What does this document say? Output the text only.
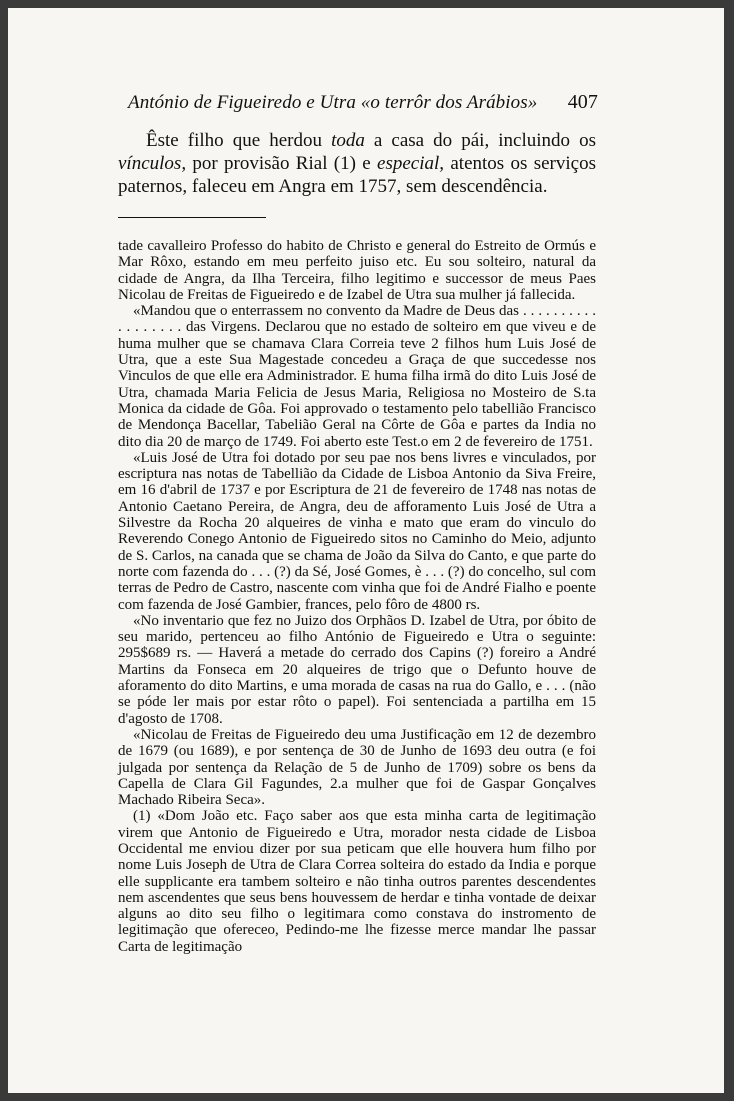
António de Figueiredo e Utra «o terrôr dos Arábios» 407

Êste filho que herdou toda a casa do pái, incluindo os vínculos, por provisão Rial (1) e especial, atentos os serviços paternos, faleceu em Angra em 1757, sem descendência.

tade cavalleiro Professo do habito de Christo e general do Estreito de Ormús e Mar Rôxo, estando em meu perfeito juiso etc. Eu sou solteiro, natural da cidade de Angra, da Ilha Terceira, filho legitimo e successor de meus Paes Nicolau de Freitas de Figueiredo e de Izabel de Utra sua mulher já fallecida.

«Mandou que o enterrassem no convento da Madre de Deus das . . . . . . . . . . . . . . . . . . das Virgens. Declarou que no estado de solteiro em que viveu e de huma mulher que se chamava Clara Correia teve 2 filhos hum Luis José de Utra, que a este Sua Magestade concedeu a Graça de que succedesse nos Vinculos de que elle era Administrador. E huma filha irmã do dito Luis José de Utra, chamada Maria Felicia de Jesus Maria, Religiosa no Mosteiro de S.ta Monica da cidade de Gôa. Foi approvado o testamento pelo tabellião Francisco de Mendonça Bacellar, Tabelião Geral na Côrte de Gôa e partes da India no dito dia 20 de março de 1749. Foi aberto este Test.o em 2 de fevereiro de 1751.

«Luis José de Utra foi dotado por seu pae nos bens livres e vinculados, por escriptura nas notas de Tabellião da Cidade de Lisboa Antonio da Siva Freire, em 16 d'abril de 1737 e por Escriptura de 21 de fevereiro de 1748 nas notas de Antonio Caetano Pereira, de Angra, deu de afforamento Luis José de Utra a Silvestre da Rocha 20 alqueires de vinha e mato que eram do vinculo do Reverendo Conego Antonio de Figueiredo sitos no Caminho do Meio, adjunto de S. Carlos, na canada que se chama de João da Silva do Canto, e que parte do norte com fazenda do . . . (?) da Sé, José Gomes, è . . . (?) do concelho, sul com terras de Pedro de Castro, nascente com vinha que foi de André Fialho e poente com fazenda de José Gambier, frances, pelo fôro de 4800 rs.

«No inventario que fez no Juizo dos Orphãos D. Izabel de Utra, por óbito de seu marido, pertenceu ao filho António de Figueiredo e Utra o seguinte: 295$689 rs. — Haverá a metade do cerrado dos Capins (?) foreiro a André Martins da Fonseca em 20 alqueires de trigo que o Defunto houve de aforamento do dito Martins, e uma morada de casas na rua do Gallo, e . . . (não se póde ler mais por estar rôto o papel). Foi sentenciada a partilha em 15 d'agosto de 1708.

«Nicolau de Freitas de Figueiredo deu uma Justificação em 12 de dezembro de 1679 (ou 1689), e por sentença de 30 de Junho de 1693 deu outra (e foi julgada por sentença da Relação de 5 de Junho de 1709) sobre os bens da Capella de Clara Gil Fagundes, 2.a mulher que foi de Gaspar Gonçalves Machado Ribeira Seca».

(1) «Dom João etc. Faço saber aos que esta minha carta de legitimação virem que Antonio de Figueiredo e Utra, morador nesta cidade de Lisboa Occidental me enviou dizer por sua peticam que elle houvera hum filho por nome Luis Joseph de Utra de Clara Correa solteira do estado da India e porque elle supplicante era tambem solteiro e não tinha outros parentes descendentes nem ascendentes que seus bens houvessem de herdar e tinha vontade de deixar alguns ao dito seu filho o legitimara como constava do instromento de legitimação que ofereceo, Pedindo-me lhe fizesse merce mandar lhe passar Carta de legitimação
